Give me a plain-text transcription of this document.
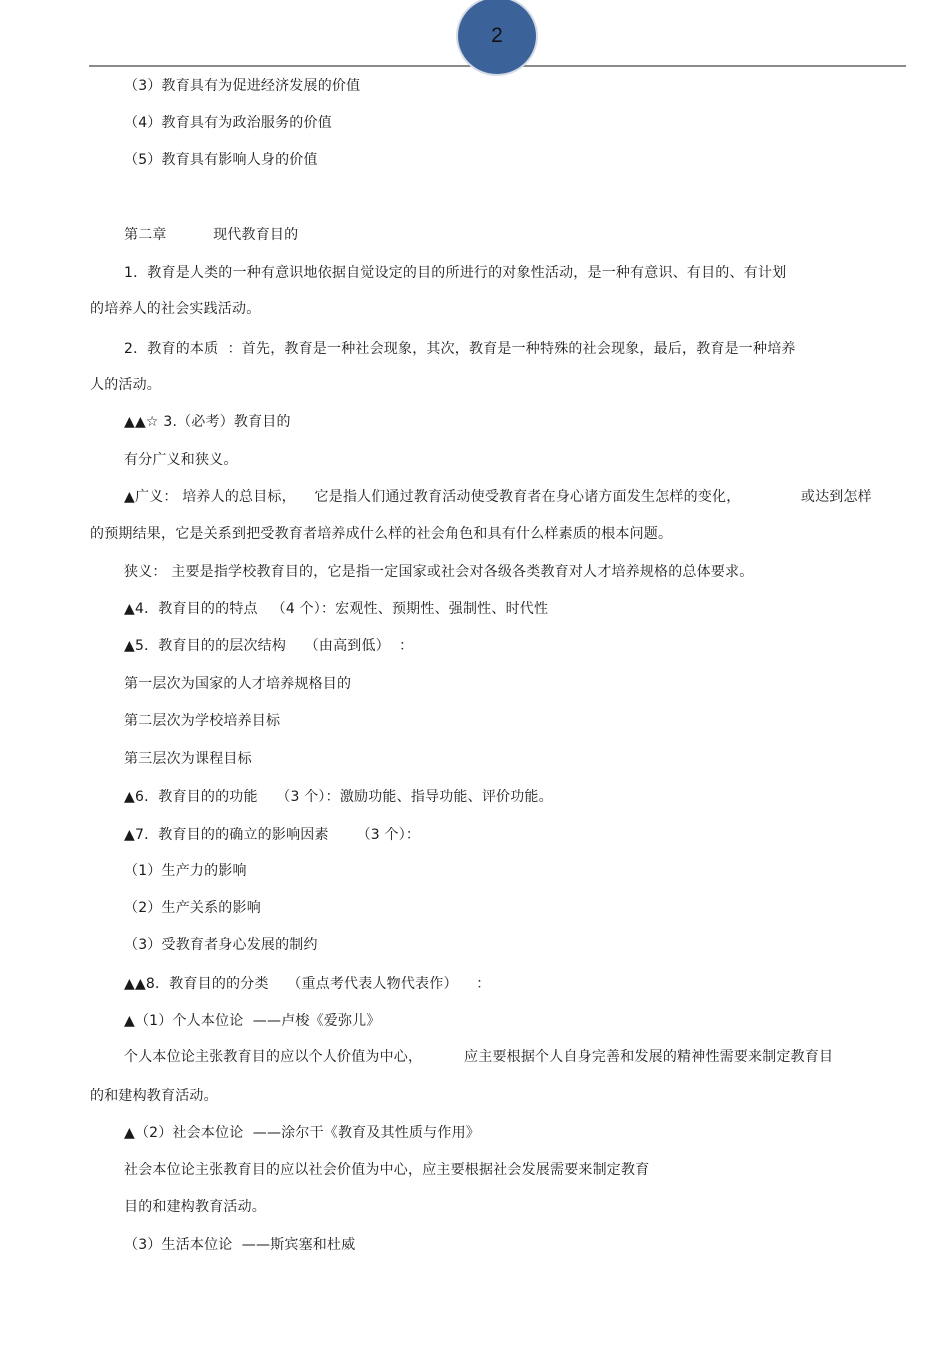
2
（3）教育具有为促进经济发展的价值
（4）教育具有为政治服务的价值
（5）教育具有影响人身的价值
第二章          现代教育目的
1．教育是人类的一种有意识地依据自觉设定的目的所进行的对象性活动，是一种有意识、有目的、有计划
的培养人的社会实践活动。
2．教育的本质  ：首先，教育是一种社会现象，其次，教育是一种特殊的社会现象，最后，教育是一种培养
人的活动。
▲▲☆ 3.（必考）教育目的
有分广义和狭义。
▲广义： 培养人的总目标，    它是指人们通过教育活动使受教育者在身心诸方面发生怎样的变化，             或达到怎样
的预期结果，它是关系到把受教育者培养成什么样的社会角色和具有什么样素质的根本问题。
狭义： 主要是指学校教育目的，它是指一定国家或社会对各级各类教育对人才培养规格的总体要求。
▲4．教育目的的特点   （4 个）：宏观性、预期性、强制性、时代性
▲5．教育目的的层次结构    （由高到低）  ：
第一层次为国家的人才培养规格目的
第二层次为学校培养目标
第三层次为课程目标
▲6．教育目的的功能    （3 个）：激励功能、指导功能、评价功能。
▲7．教育目的的确立的影响因素      （3 个）：
（1）生产力的影响
（2）生产关系的影响
（3）受教育者身心发展的制约
▲▲8．教育目的的分类    （重点考代表人物代表作）    ：
▲（1）个人本位论  ——卢梭《爱弥儿》
个人本位论主张教育目的应以个人价值为中心，         应主要根据个人自身完善和发展的精神性需要来制定教育目
的和建构教育活动。
▲（2）社会本位论  ——涂尔干《教育及其性质与作用》
社会本位论主张教育目的应以社会价值为中心，应主要根据社会发展需要来制定教育
目的和建构教育活动。
（3）生活本位论  ——斯宾塞和杜威
